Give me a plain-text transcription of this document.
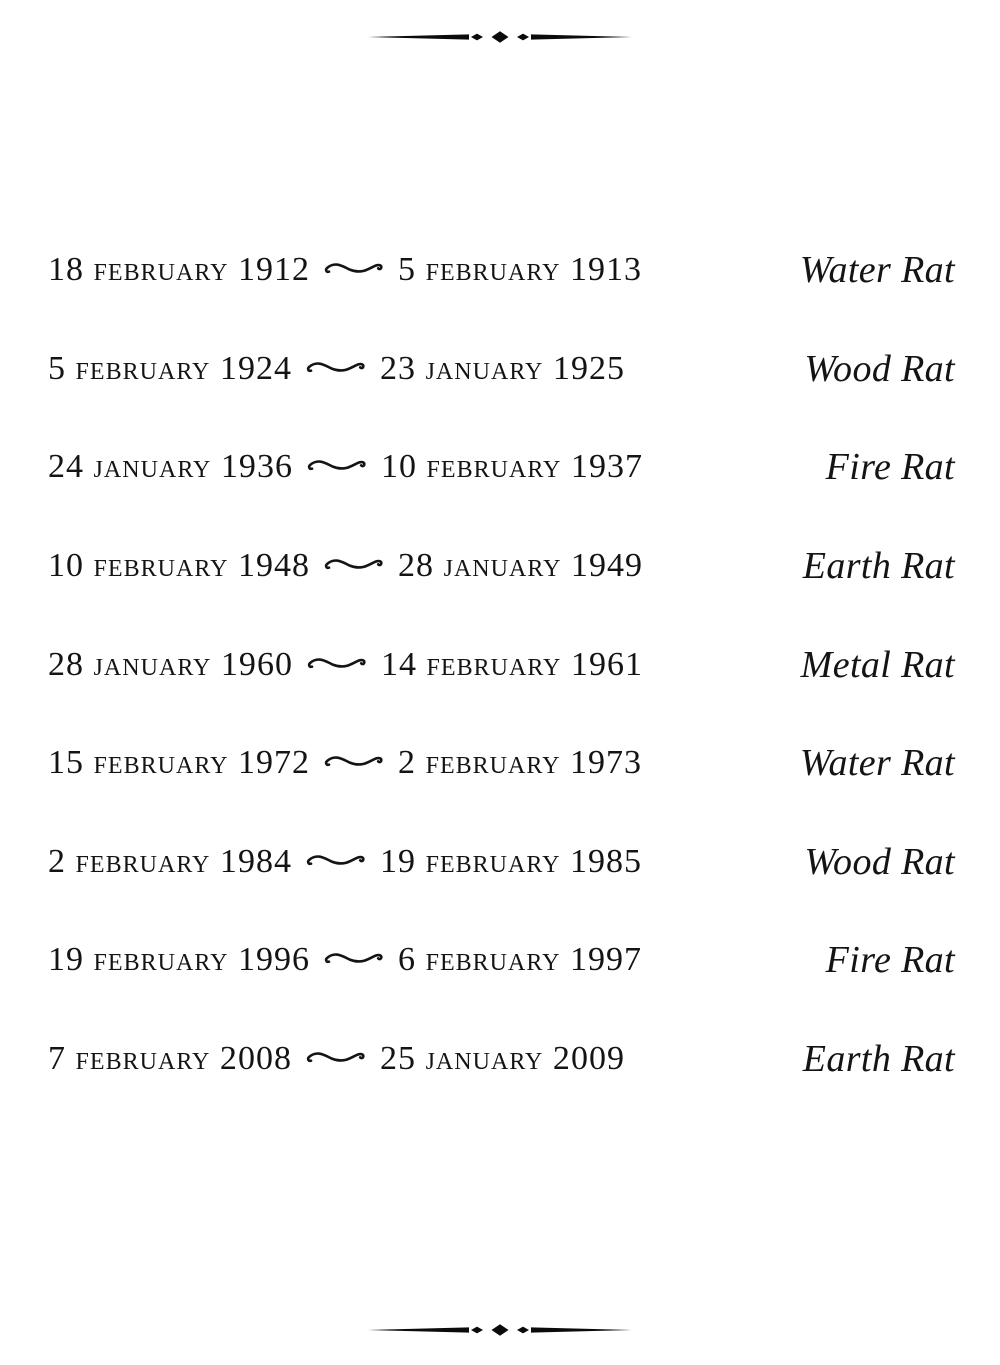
18 february 1912	5 february 1913	Water Rat
5 february 1924	23 january 1925	Wood Rat
24 january 1936	10 february 1937	Fire Rat
10 february 1948	28 january 1949	Earth Rat
28 january 1960	14 february 1961	Metal Rat
15 february 1972	2 february 1973	Water Rat
2 february 1984	19 february 1985	Wood Rat
19 february 1996	6 february 1997	Fire Rat
7 february 2008	25 january 2009	Earth Rat
